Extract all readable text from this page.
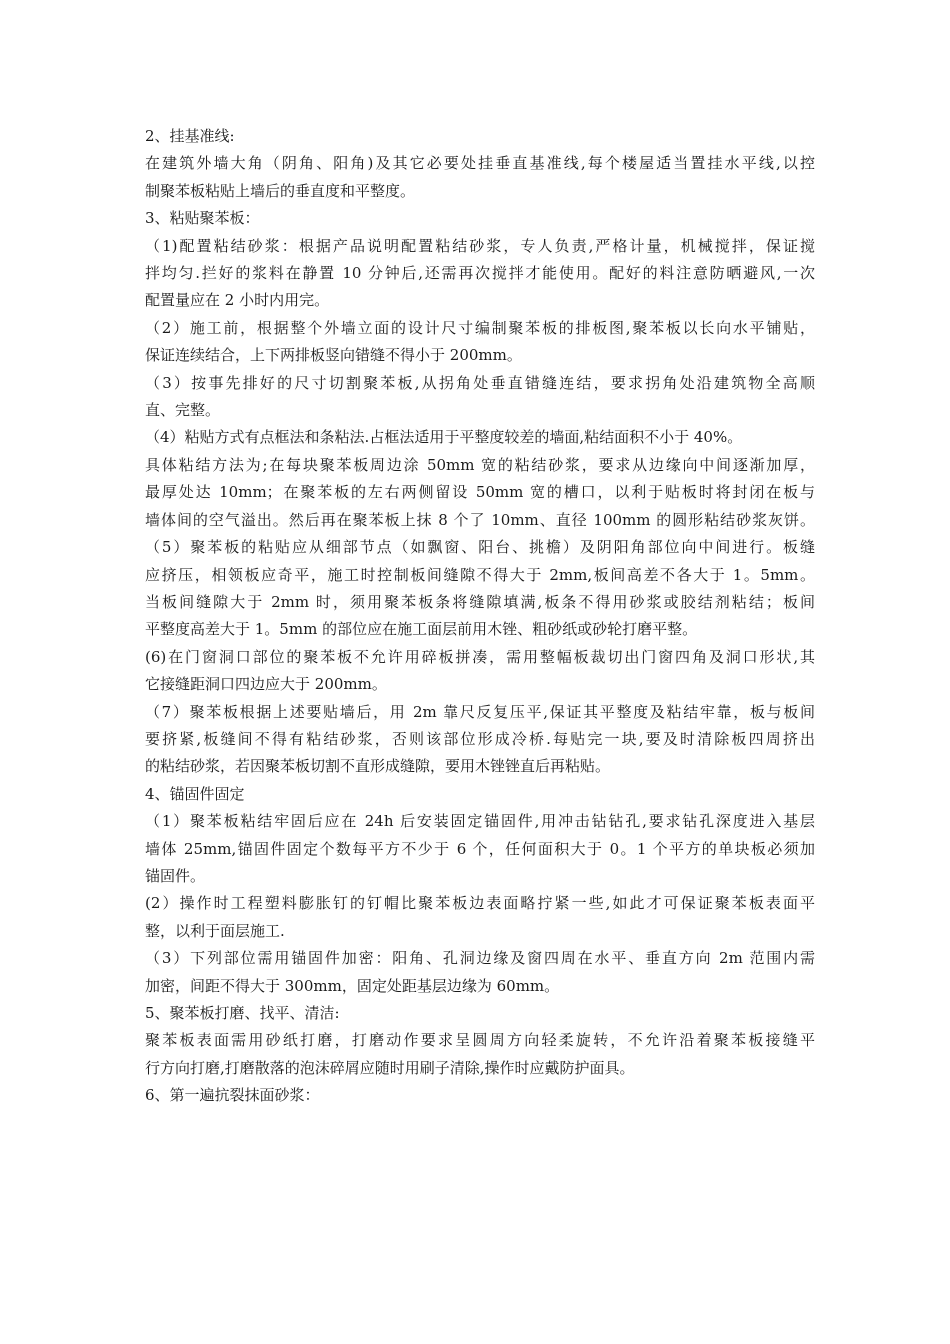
2、挂基准线:
在建筑外墙大角（阴角、阳角)及其它必要处挂垂直基准线,每个楼屋适当置挂水平线,以控
制聚苯板粘贴上墙后的垂直度和平整度。
3、粘贴聚苯板：
（1)配置粘结砂浆：根据产品说明配置粘结砂浆，专人负责,严格计量，机械搅拌，保证搅
拌均匀.拦好的浆料在静置 10 分钟后,还需再次搅拌才能使用。配好的料注意防晒避风,一次
配置量应在 2 小时内用完。
（2）施工前，根据整个外墙立面的设计尺寸编制聚苯板的排板图,聚苯板以长向水平铺贴，
保证连续结合，上下两排板竖向错缝不得小于 200mm。
（3）按事先排好的尺寸切割聚苯板,从拐角处垂直错缝连结，要求拐角处沿建筑物全高顺
直、完整。
（4）粘贴方式有点框法和条粘法.占框法适用于平整度较差的墙面,粘结面积不小于 40%。
具体粘结方法为;在每块聚苯板周边涂 50mm 宽的粘结砂浆，要求从边缘向中间逐渐加厚，
最厚处达 10mm；在聚苯板的左右两侧留设 50mm 宽的槽口，以利于贴板时将封闭在板与
墙体间的空气溢出。然后再在聚苯板上抹 8 个了 10mm、直径 100mm 的圆形粘结砂浆灰饼。
（5）聚苯板的粘贴应从细部节点（如飘窗、阳台、挑檐）及阴阳角部位向中间进行。板缝
应挤压，相领板应奇平，施工时控制板间缝隙不得大于 2mm,板间高差不各大于 1。5mm。
当板间缝隙大于 2mm 时，须用聚苯板条将缝隙填满,板条不得用砂浆或胶结剂粘结；板间
平整度高差大于 1。5mm 的部位应在施工面层前用木锉、粗砂纸或砂轮打磨平整。
(6)在门窗洞口部位的聚苯板不允许用碎板拼凑，需用整幅板裁切出门窗四角及洞口形状,其
它接缝距洞口四边应大于 200mm。
（7）聚苯板根据上述要贴墙后，用 2m 靠尺反复压平,保证其平整度及粘结牢靠，板与板间
要挤紧,板缝间不得有粘结砂浆，否则该部位形成冷桥.每贴完一块,要及时清除板四周挤出
的粘结砂浆，若因聚苯板切割不直形成缝隙，要用木锉锉直后再粘贴。
4、锚固件固定
（1）聚苯板粘结牢固后应在 24h 后安装固定锚固件,用冲击钻钻孔,要求钻孔深度进入基层
墙体 25mm,锚固件固定个数每平方不少于 6 个，任何面积大于 0。1 个平方的单块板必须加
锚固件。
(2）操作时工程塑料膨胀钉的钉帽比聚苯板边表面略拧紧一些,如此才可保证聚苯板表面平
整，以利于面层施工.
（3）下列部位需用锚固件加密：阳角、孔洞边缘及窗四周在水平、垂直方向 2m 范围内需
加密，间距不得大于 300mm，固定处距基层边缘为 60mm。
5、聚苯板打磨、找平、清洁:
聚苯板表面需用砂纸打磨，打磨动作要求呈圆周方向轻柔旋转，不允许沿着聚苯板接缝平
行方向打磨,打磨散落的泡沫碎屑应随时用刷子清除,操作时应戴防护面具。
6、第一遍抗裂抹面砂浆：
